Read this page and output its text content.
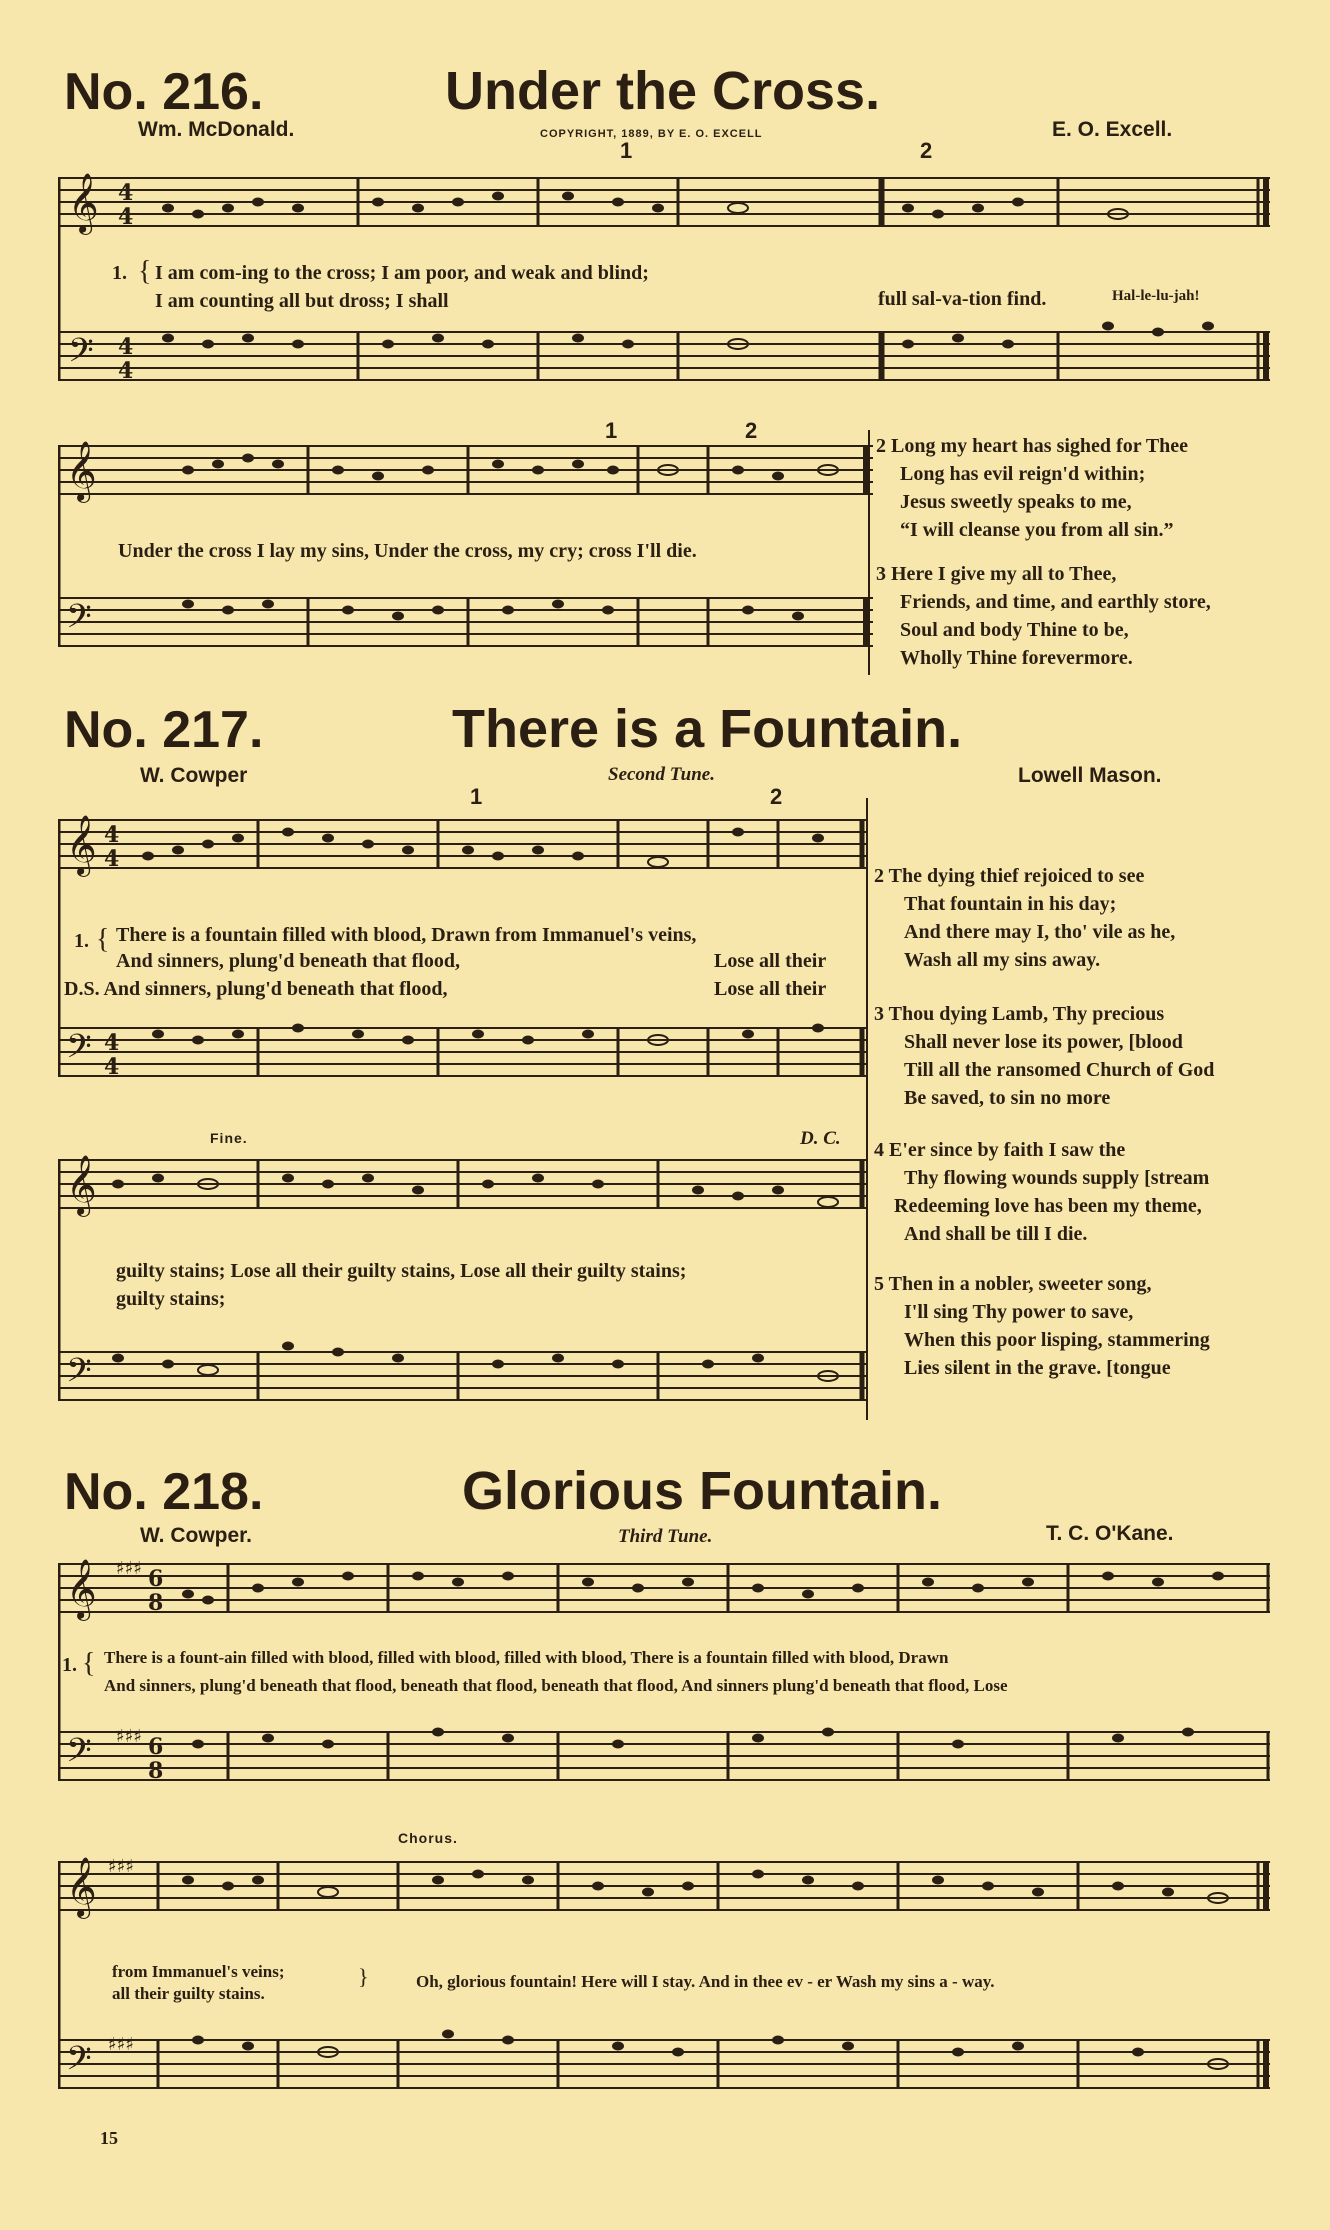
No. 216.	Under the Cross.
Wm. McDonald.	COPYRIGHT, 1889, BY E. O. EXCELL	E. O. Excell.
1	2
𝄞
𝄢
4
4
4
4
1. { I am com-ing to the cross; I am poor, and weak and blind;
I am counting all but dross; I shall	full sal-va-tion find.	Hal-le-lu-jah!
𝄞
𝄢
1	2
Under the cross I lay my sins, Under the cross, my cry; cross I'll die.
2 Long my heart has sighed for Thee
Long has evil reign'd within;
Jesus sweetly speaks to me,
“I will cleanse you from all sin.”
3 Here I give my all to Thee,
Friends, and time, and earthly store,
Soul and body Thine to be,
Wholly Thine forevermore.
No. 217.	There is a Fountain.
W. Cowper	Second Tune.	Lowell Mason.
1	2
𝄞
𝄢
4
4
4
4
1. { There is a fountain filled with blood, Drawn from Immanuel's veins,
And sinners, plung'd beneath that flood,	Lose all their
D.S. And sinners, plung'd beneath that flood,	Lose all their
Fine.	D. C.
𝄞
𝄢
guilty stains; Lose all their guilty stains, Lose all their guilty stains;
guilty stains;
2 The dying thief rejoiced to see
That fountain in his day;
And there may I, tho' vile as he,
Wash all my sins away.
3 Thou dying Lamb, Thy precious
Shall never lose its power, [blood
Till all the ransomed Church of God
Be saved, to sin no more
4 E'er since by faith I saw the
Thy flowing wounds supply [stream
Redeeming love has been my theme,
And shall be till I die.
5 Then in a nobler, sweeter song,
I'll sing Thy power to save,
When this poor lisping, stammering
Lies silent in the grave. [tongue
No. 218.	Glorious Fountain.
W. Cowper.	Third Tune.	T. C. O'Kane.
𝄞
𝄢
♯♯♯
♯♯♯
6
8
6
8
1. { There is a fount-ain filled with blood, filled with blood, filled with blood, There is a fountain filled with blood, Drawn
And sinners, plung'd beneath that flood, beneath that flood, beneath that flood, And sinners plung'd beneath that flood, Lose
Chorus.
𝄞
𝄢
♯♯♯
♯♯♯
from Immanuel's veins;
all their guilty stains.
}	Oh, glorious fountain! Here will I stay. And in thee ev - er Wash my sins a - way.
15
